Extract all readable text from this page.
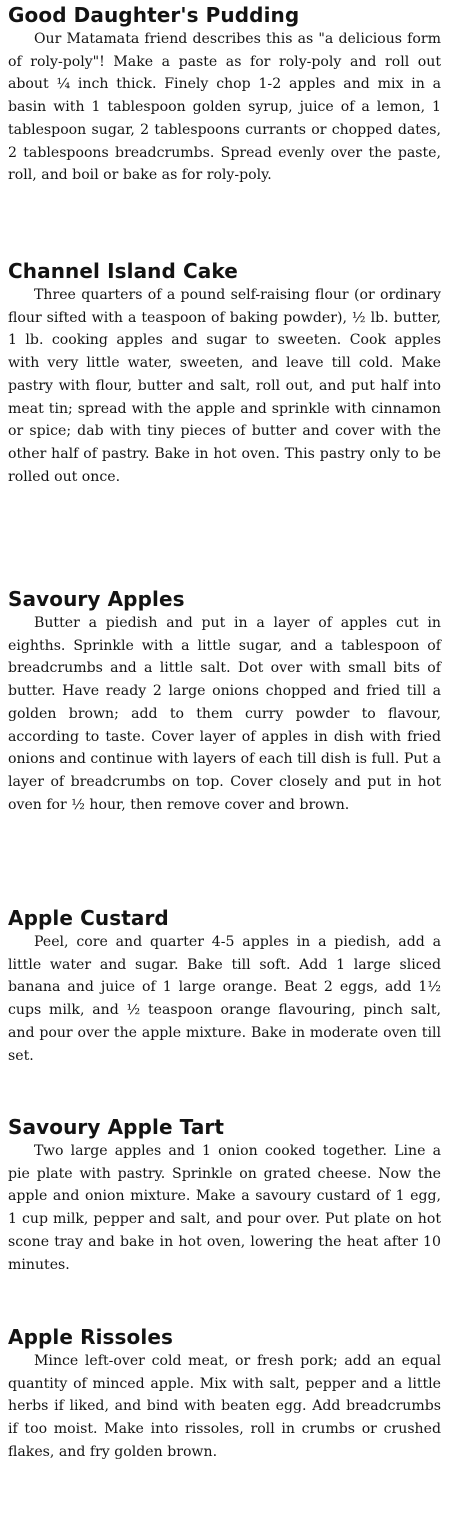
Good Daughter's Pudding

Our Matamata friend describes this as "a delicious form of roly-poly"! Make a paste as for roly-poly and roll out about ¼ inch thick. Finely chop 1-2 apples and mix in a basin with 1 tablespoon golden syrup, juice of a lemon, 1 tablespoon sugar, 2 tablespoons currants or chopped dates, 2 tablespoons breadcrumbs. Spread evenly over the paste, roll, and boil or bake as for roly-poly.

Channel Island Cake

Three quarters of a pound self-raising flour (or ordinary flour sifted with a teaspoon of baking powder), ½ lb. butter, 1 lb. cooking apples and sugar to sweeten. Cook apples with very little water, sweeten, and leave till cold. Make pastry with flour, butter and salt, roll out, and put half into meat tin; spread with the apple and sprinkle with cinnamon or spice; dab with tiny pieces of butter and cover with the other half of pastry. Bake in hot oven. This pastry only to be rolled out once.

Savoury Apples

Butter a piedish and put in a layer of apples cut in eighths. Sprinkle with a little sugar, and a tablespoon of breadcrumbs and a little salt. Dot over with small bits of butter. Have ready 2 large onions chopped and fried till a golden brown; add to them curry powder to flavour, according to taste. Cover layer of apples in dish with fried onions and continue with layers of each till dish is full. Put a layer of breadcrumbs on top. Cover closely and put in hot oven for ½ hour, then remove cover and brown.

Apple Custard

Peel, core and quarter 4-5 apples in a piedish, add a little water and sugar. Bake till soft. Add 1 large sliced banana and juice of 1 large orange. Beat 2 eggs, add 1½ cups milk, and ½ teaspoon orange flavouring, pinch salt, and pour over the apple mixture. Bake in moderate oven till set.

Savoury Apple Tart

Two large apples and 1 onion cooked together. Line a pie plate with pastry. Sprinkle on grated cheese. Now the apple and onion mixture. Make a savoury custard of 1 egg, 1 cup milk, pepper and salt, and pour over. Put plate on hot scone tray and bake in hot oven, lowering the heat after 10 minutes.

Apple Rissoles

Mince left-over cold meat, or fresh pork; add an equal quantity of minced apple. Mix with salt, pepper and a little herbs if liked, and bind with beaten egg. Add breadcrumbs if too moist. Make into rissoles, roll in crumbs or crushed flakes, and fry golden brown.
